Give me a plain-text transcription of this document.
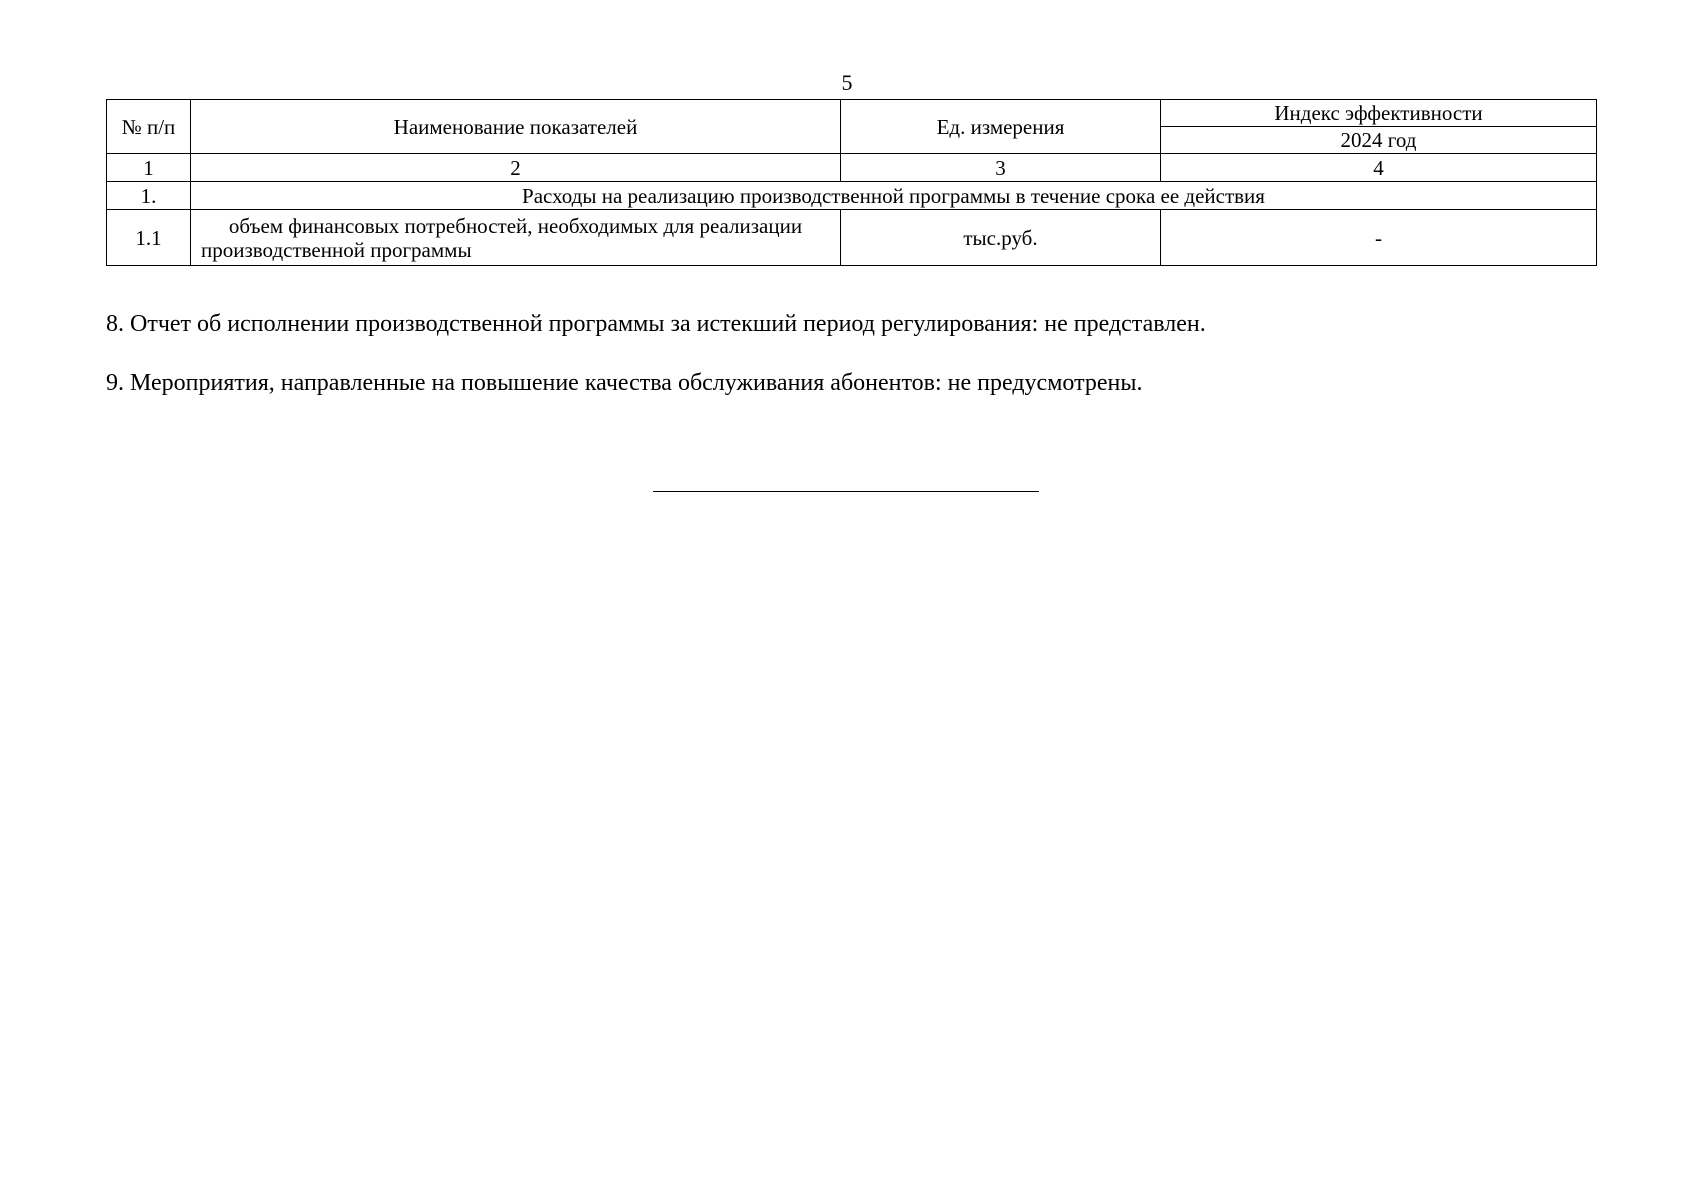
5
№ п/п	Наименование показателей	Ед. измерения	Индекс эффективности
			2024 год
1	2	3	4
1.	Расходы на реализацию производственной программы в течение срока ее действия		
1.1	объем финансовых потребностей, необходимых для реализации производственной программы	тыс.руб.	-
8. Отчет об исполнении производственной программы за истекший период регулирования: не представлен.
9. Мероприятия, направленные на повышение качества обслуживания абонентов: не предусмотрены.
